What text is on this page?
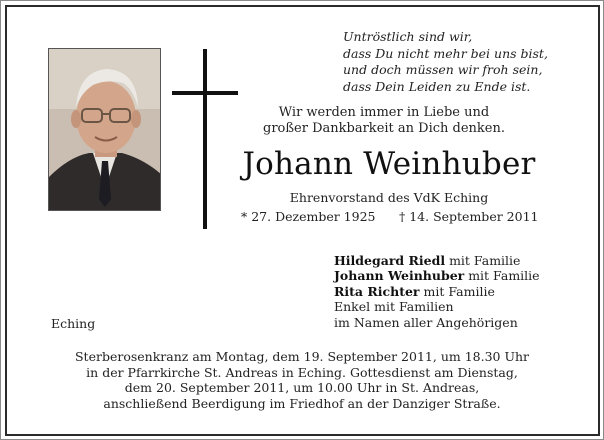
Untröstlich sind wir,
dass Du nicht mehr bei uns bist,
und doch müssen wir froh sein,
dass Dein Leiden zu Ende ist.
Wir werden immer in Liebe und
großer Dankbarkeit an Dich denken.
Johann Weinhuber
Ehrenvorstand des VdK Eching
* 27. Dezember 1925 † 14. September 2011
Hildegard Riedl mit Familie
Johann Weinhuber mit Familie
Rita Richter mit Familie
Enkel mit Familien
im Namen aller Angehörigen
Eching
Sterberosenkranz am Montag, dem 19. September 2011, um 18.30 Uhr
in der Pfarrkirche St. Andreas in Eching. Gottesdienst am Dienstag,
dem 20. September 2011, um 10.00 Uhr in St. Andreas,
anschließend Beerdigung im Friedhof an der Danziger Straße.
